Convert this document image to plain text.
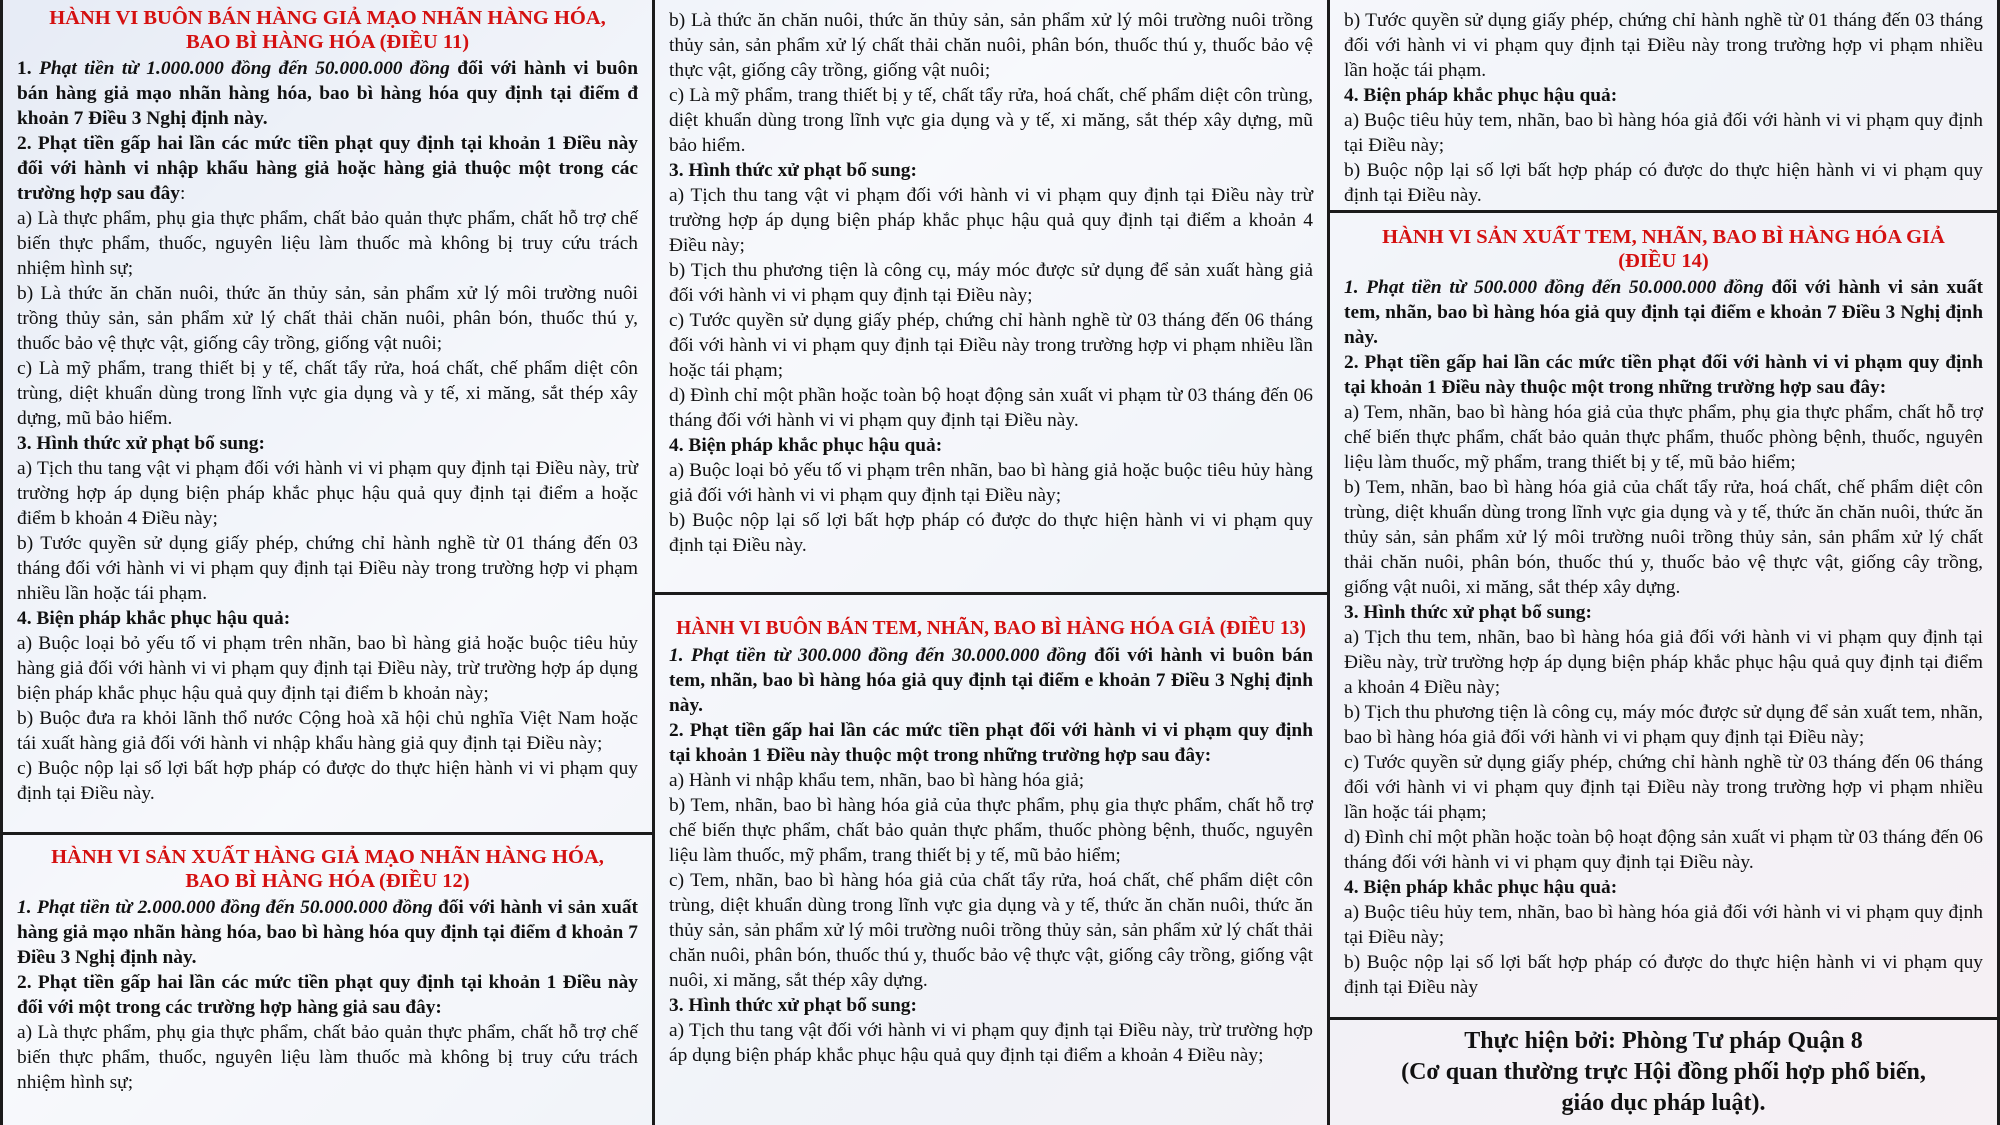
HÀNH VI BUÔN BÁN HÀNG GIẢ MẠO NHÃN HÀNG HÓA,
BAO BÌ HÀNG HÓA (ĐIỀU 11)

1. Phạt tiền từ 1.000.000 đồng đến 50.000.000 đồng đối với hành vi buôn bán hàng giả mạo nhãn hàng hóa, bao bì hàng hóa quy định tại điểm đ khoản 7 Điều 3 Nghị định này.

2. Phạt tiền gấp hai lần các mức tiền phạt quy định tại khoản 1 Điều này đối với hành vi nhập khẩu hàng giả hoặc hàng giả thuộc một trong các trường hợp sau đây:

a) Là thực phẩm, phụ gia thực phẩm, chất bảo quản thực phẩm, chất hỗ trợ chế biến thực phẩm, thuốc, nguyên liệu làm thuốc mà không bị truy cứu trách nhiệm hình sự;

b) Là thức ăn chăn nuôi, thức ăn thủy sản, sản phẩm xử lý môi trường nuôi trồng thủy sản, sản phẩm xử lý chất thải chăn nuôi, phân bón, thuốc thú y, thuốc bảo vệ thực vật, giống cây trồng, giống vật nuôi;

c) Là mỹ phẩm, trang thiết bị y tế, chất tẩy rửa, hoá chất, chế phẩm diệt côn trùng, diệt khuẩn dùng trong lĩnh vực gia dụng và y tế, xi măng, sắt thép xây dựng, mũ bảo hiểm.

3. Hình thức xử phạt bổ sung:

a) Tịch thu tang vật vi phạm đối với hành vi vi phạm quy định tại Điều này, trừ trường hợp áp dụng biện pháp khắc phục hậu quả quy định tại điểm a hoặc điểm b khoản 4 Điều này;

b) Tước quyền sử dụng giấy phép, chứng chỉ hành nghề từ 01 tháng đến 03 tháng đối với hành vi vi phạm quy định tại Điều này trong trường hợp vi phạm nhiều lần hoặc tái phạm.

4. Biện pháp khắc phục hậu quả:

a) Buộc loại bỏ yếu tố vi phạm trên nhãn, bao bì hàng giả hoặc buộc tiêu hủy hàng giả đối với hành vi vi phạm quy định tại Điều này, trừ trường hợp áp dụng biện pháp khắc phục hậu quả quy định tại điểm b khoản này;

b) Buộc đưa ra khỏi lãnh thổ nước Cộng hoà xã hội chủ nghĩa Việt Nam hoặc tái xuất hàng giả đối với hành vi nhập khẩu hàng giả quy định tại Điều này;

c) Buộc nộp lại số lợi bất hợp pháp có được do thực hiện hành vi vi phạm quy định tại Điều này.

HÀNH VI SẢN XUẤT HÀNG GIẢ MẠO NHÃN HÀNG HÓA,
BAO BÌ HÀNG HÓA (ĐIỀU 12)

1. Phạt tiền từ 2.000.000 đồng đến 50.000.000 đồng đối với hành vi sản xuất hàng giả mạo nhãn hàng hóa, bao bì hàng hóa quy định tại điểm đ khoản 7 Điều 3 Nghị định này.

2. Phạt tiền gấp hai lần các mức tiền phạt quy định tại khoản 1 Điều này đối với một trong các trường hợp hàng giả sau đây:

a) Là thực phẩm, phụ gia thực phẩm, chất bảo quản thực phẩm, chất hỗ trợ chế biến thực phẩm, thuốc, nguyên liệu làm thuốc mà không bị truy cứu trách nhiệm hình sự;

b) Là thức ăn chăn nuôi, thức ăn thủy sản, sản phẩm xử lý môi trường nuôi trồng thủy sản, sản phẩm xử lý chất thải chăn nuôi, phân bón, thuốc thú y, thuốc bảo vệ thực vật, giống cây trồng, giống vật nuôi;

c) Là mỹ phẩm, trang thiết bị y tế, chất tẩy rửa, hoá chất, chế phẩm diệt côn trùng, diệt khuẩn dùng trong lĩnh vực gia dụng và y tế, xi măng, sắt thép xây dựng, mũ bảo hiểm.

3. Hình thức xử phạt bổ sung:

a) Tịch thu tang vật vi phạm đối với hành vi vi phạm quy định tại Điều này trừ trường hợp áp dụng biện pháp khắc phục hậu quả quy định tại điểm a khoản 4 Điều này;

b) Tịch thu phương tiện là công cụ, máy móc được sử dụng để sản xuất hàng giả đối với hành vi vi phạm quy định tại Điều này;

c) Tước quyền sử dụng giấy phép, chứng chỉ hành nghề từ 03 tháng đến 06 tháng đối với hành vi vi phạm quy định tại Điều này trong trường hợp vi phạm nhiều lần hoặc tái phạm;

d) Đình chỉ một phần hoặc toàn bộ hoạt động sản xuất vi phạm từ 03 tháng đến 06 tháng đối với hành vi vi phạm quy định tại Điều này.

4. Biện pháp khắc phục hậu quả:

a) Buộc loại bỏ yếu tố vi phạm trên nhãn, bao bì hàng giả hoặc buộc tiêu hủy hàng giả đối với hành vi vi phạm quy định tại Điều này;

b) Buộc nộp lại số lợi bất hợp pháp có được do thực hiện hành vi vi phạm quy định tại Điều này.

HÀNH VI BUÔN BÁN TEM, NHÃN, BAO BÌ HÀNG HÓA GIẢ (ĐIỀU 13)

1. Phạt tiền từ 300.000 đồng đến 30.000.000 đồng đối với hành vi buôn bán tem, nhãn, bao bì hàng hóa giả quy định tại điểm e khoản 7 Điều 3 Nghị định này.

2. Phạt tiền gấp hai lần các mức tiền phạt đối với hành vi vi phạm quy định tại khoản 1 Điều này thuộc một trong những trường hợp sau đây:

a) Hành vi nhập khẩu tem, nhãn, bao bì hàng hóa giả;

b) Tem, nhãn, bao bì hàng hóa giả của thực phẩm, phụ gia thực phẩm, chất hỗ trợ chế biến thực phẩm, chất bảo quản thực phẩm, thuốc phòng bệnh, thuốc, nguyên liệu làm thuốc, mỹ phẩm, trang thiết bị y tế, mũ bảo hiểm;

c) Tem, nhãn, bao bì hàng hóa giả của chất tẩy rửa, hoá chất, chế phẩm diệt côn trùng, diệt khuẩn dùng trong lĩnh vực gia dụng và y tế, thức ăn chăn nuôi, thức ăn thủy sản, sản phẩm xử lý môi trường nuôi trồng thủy sản, sản phẩm xử lý chất thải chăn nuôi, phân bón, thuốc thú y, thuốc bảo vệ thực vật, giống cây trồng, giống vật nuôi, xi măng, sắt thép xây dựng.

3. Hình thức xử phạt bổ sung:

a) Tịch thu tang vật đối với hành vi vi phạm quy định tại Điều này, trừ trường hợp áp dụng biện pháp khắc phục hậu quả quy định tại điểm a khoản 4 Điều này;

b) Tước quyền sử dụng giấy phép, chứng chỉ hành nghề từ 01 tháng đến 03 tháng đối với hành vi vi phạm quy định tại Điều này trong trường hợp vi phạm nhiều lần hoặc tái phạm.

4. Biện pháp khắc phục hậu quả:

a) Buộc tiêu hủy tem, nhãn, bao bì hàng hóa giả đối với hành vi vi phạm quy định tại Điều này;

b) Buộc nộp lại số lợi bất hợp pháp có được do thực hiện hành vi vi phạm quy định tại Điều này.

HÀNH VI SẢN XUẤT TEM, NHÃN, BAO BÌ HÀNG HÓA GIẢ
(ĐIỀU 14)

1. Phạt tiền từ 500.000 đồng đến 50.000.000 đồng đối với hành vi sản xuất tem, nhãn, bao bì hàng hóa giả quy định tại điểm e khoản 7 Điều 3 Nghị định này.

2. Phạt tiền gấp hai lần các mức tiền phạt đối với hành vi vi phạm quy định tại khoản 1 Điều này thuộc một trong những trường hợp sau đây:

a) Tem, nhãn, bao bì hàng hóa giả của thực phẩm, phụ gia thực phẩm, chất hỗ trợ chế biến thực phẩm, chất bảo quản thực phẩm, thuốc phòng bệnh, thuốc, nguyên liệu làm thuốc, mỹ phẩm, trang thiết bị y tế, mũ bảo hiểm;

b) Tem, nhãn, bao bì hàng hóa giả của chất tẩy rửa, hoá chất, chế phẩm diệt côn trùng, diệt khuẩn dùng trong lĩnh vực gia dụng và y tế, thức ăn chăn nuôi, thức ăn thủy sản, sản phẩm xử lý môi trường nuôi trồng thủy sản, sản phẩm xử lý chất thải chăn nuôi, phân bón, thuốc thú y, thuốc bảo vệ thực vật, giống cây trồng, giống vật nuôi, xi măng, sắt thép xây dựng.

3. Hình thức xử phạt bổ sung:

a) Tịch thu tem, nhãn, bao bì hàng hóa giả đối với hành vi vi phạm quy định tại Điều này, trừ trường hợp áp dụng biện pháp khắc phục hậu quả quy định tại điểm a khoản 4 Điều này;

b) Tịch thu phương tiện là công cụ, máy móc được sử dụng để sản xuất tem, nhãn, bao bì hàng hóa giả đối với hành vi vi phạm quy định tại Điều này;

c) Tước quyền sử dụng giấy phép, chứng chỉ hành nghề từ 03 tháng đến 06 tháng đối với hành vi vi phạm quy định tại Điều này trong trường hợp vi phạm nhiều lần hoặc tái phạm;

d) Đình chỉ một phần hoặc toàn bộ hoạt động sản xuất vi phạm từ 03 tháng đến 06 tháng đối với hành vi vi phạm quy định tại Điều này.

4. Biện pháp khắc phục hậu quả:

a) Buộc tiêu hủy tem, nhãn, bao bì hàng hóa giả đối với hành vi vi phạm quy định tại Điều này;

b) Buộc nộp lại số lợi bất hợp pháp có được do thực hiện hành vi vi phạm quy định tại Điều này

Thực hiện bởi: Phòng Tư pháp Quận 8
(Cơ quan thường trực Hội đồng phối hợp phổ biến,
giáo dục pháp luật).
